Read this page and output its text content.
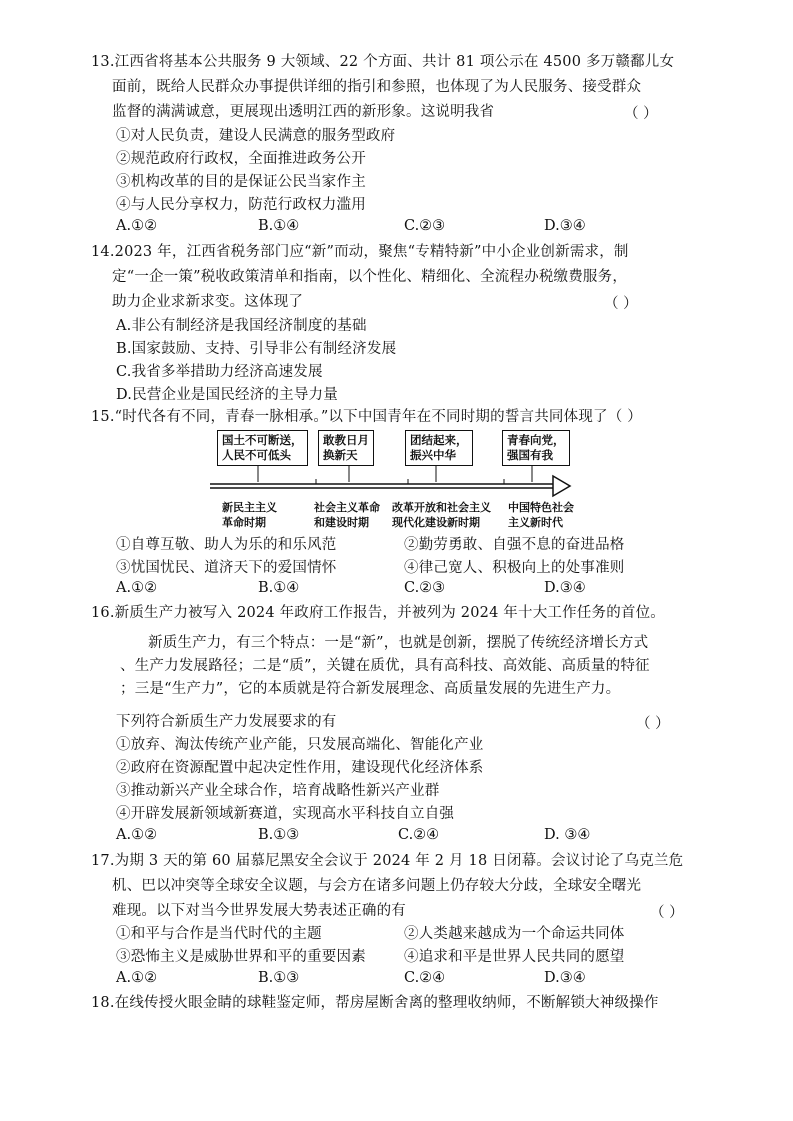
13.江西省将基本公共服务 9 大领域、22 个方面、共计 81 项公示在 4500 多万赣鄱儿女
面前，既给人民群众办事提供详细的指引和参照，也体现了为人民服务、接受群众
监督的满满诚意，更展现出透明江西的新形象。这说明我省	（ ）
①对人民负责，建设人民满意的服务型政府
②规范政府行政权，全面推进政务公开
③机构改革的目的是保证公民当家作主
④与人民分享权力，防范行政权力滥用
A.①②	B.①④	C.②③	D.③④
14.2023 年，江西省税务部门应“新”而动，聚焦“专精特新”中小企业创新需求，制
定“一企一策”税收政策清单和指南，以个性化、精细化、全流程办税缴费服务，
助力企业求新求变。这体现了	（ ）
A.非公有制经济是我国经济制度的基础
B.国家鼓励、支持、引导非公有制经济发展
C.我省多举措助力经济高速发展
D.民营企业是国民经济的主导力量
15.“时代各有不同，青春一脉相承。”以下中国青年在不同时期的誓言共同体现了（ ）
国土不可断送，
人民不可低头
敢教日月
换新天
团结起来，
振兴中华
青春向党，
强国有我
新民主主义
革命时期
社会主义革命
和建设时期
改革开放和社会主义
现代化建设新时期
中国特色社会
主义新时代
①自尊互敬、助人为乐的和乐风范	②勤劳勇敢、自强不息的奋进品格
③忧国忧民、道济天下的爱国情怀	④律己宽人、积极向上的处事准则
A.①②	B.①④	C.②③	D.③④
16.新质生产力被写入 2024 年政府工作报告，并被列为 2024 年十大工作任务的首位。
新质生产力，有三个特点：一是“新”，也就是创新，摆脱了传统经济增长方式
、生产力发展路径；二是“质”，关键在质优，具有高科技、高效能、高质量的特征
；三是“生产力”，它的本质就是符合新发展理念、高质量发展的先进生产力。
下列符合新质生产力发展要求的有	（ ）
①放弃、淘汰传统产业产能，只发展高端化、智能化产业
②政府在资源配置中起决定性作用，建设现代化经济体系
③推动新兴产业全球合作，培育战略性新兴产业群
④开辟发展新领域新赛道，实现高水平科技自立自强
A.①②	B.①③	C.②④	D. ③④
17.为期 3 天的第 60 届慕尼黑安全会议于 2024 年 2 月 18 日闭幕。会议讨论了乌克兰危
机、巴以冲突等全球安全议题，与会方在诸多问题上仍存较大分歧，全球安全曙光
难现。以下对当今世界发展大势表述正确的有	（ ）
①和平与合作是当代时代的主题	②人类越来越成为一个命运共同体
③恐怖主义是威胁世界和平的重要因素	④追求和平是世界人民共同的愿望
A.①②	B.①③	C.②④	D.③④
18.在线传授火眼金睛的球鞋鉴定师，帮房屋断舍离的整理收纳师，不断解锁大神级操作
